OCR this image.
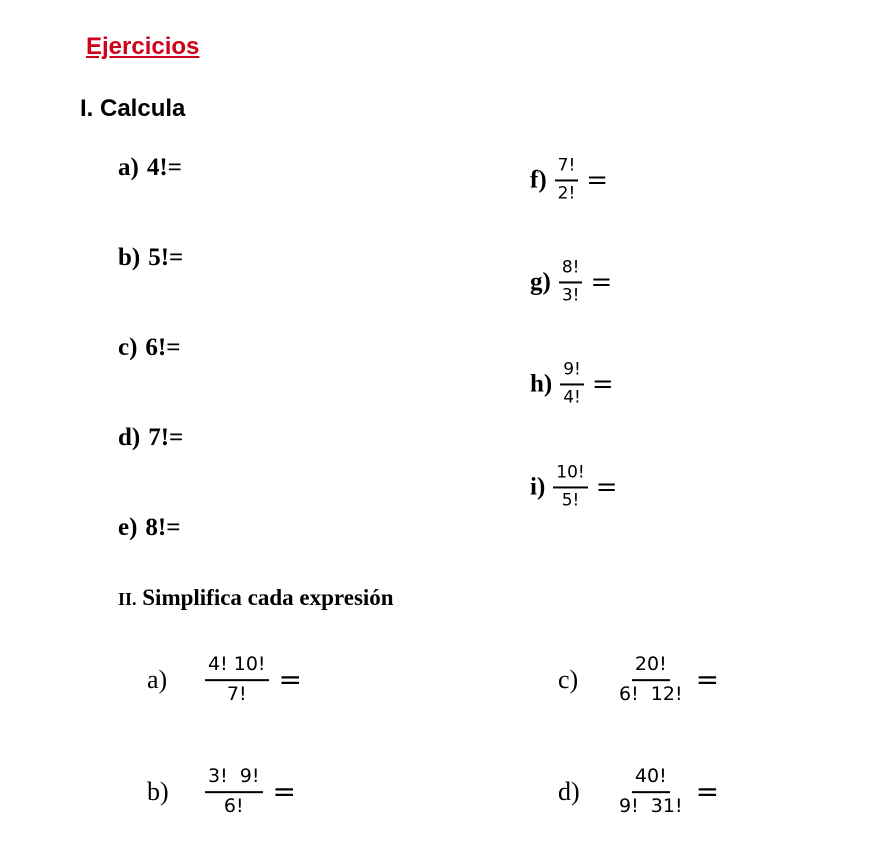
Ejercicios
I. Calcula
a) 4!=
b) 5!=
c) 6!=
d) 7!=
e) 8!=
$f) \frac{7!}{2!}$ =
$g) \frac{8!}{3!}$ =
$h) \frac{9!}{4!}$ =
$i) \frac{10!}{5!}$ =
II. Simplifica cada expresión
a)	$\frac{4! 10!}{7!}$ =
b)	$\frac{3! 9!}{6!}$ =
c)	$\frac{20!}{6! 12!}$ =
d)	$\frac{40!}{9! 31!}$ =
